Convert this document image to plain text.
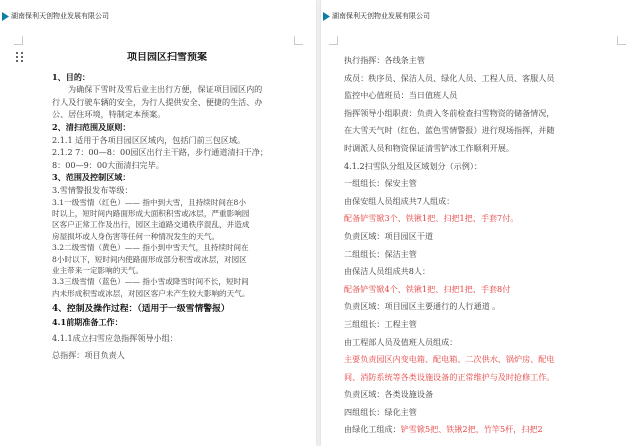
湖南保利天创物业发展有限公司

项目园区扫雪预案

1、目的：

为确保下雪时及雪后业主出行方便，保证项目园区内的

行人及行驶车辆的安全，为行人提供安全、便捷的生活、办

公、居住环境，特制定本预案。

2、清扫范围及原则：

2.1.1 适用于各项目园区区域内，包括门前三包区域。

2.1.2 7：00—8：00园区出行主干路，步行通道清扫干净；

8：00—9：00大面清扫完毕。

3、范围及控制区域：

3.雪情警报发布等级：

3.1一级雪情（红色）—— 指中到大雪，且持续时间在8小

时以上，短时间内路面形成大面积积雪或冰层，严重影响园

区客户正常工作及出行，园区主道路交通秩序混乱，并造成

房屋损坏或人身伤害等任何一种情况发生的天气。

3.2二级雪情（黄色）—— 指小到中雪天气，且持续时间在

8小时以下，短时间内使路面形成部分积雪或冰层，对园区

业主带来一定影响的天气。

3.3三级雪情（蓝色）—— 指小雪或降雪时间不长，短时间

内未形成积雪或冰层，对园区客户未产生较大影响的天气。

4、控制及操作过程：（适用于一级雪情警报）

4.1前期准备工作：

4.1.1成立扫雪应急指挥领导小组：

总指挥：项目负责人

湖南保利天创物业发展有限公司

执行指挥：各线条主管

成员：秩序员、保洁人员、绿化人员、工程人员、客服人员

监控中心值班员：当日值班人员

指挥领导小组职责：负责入冬前检查扫雪物资的储备情况，

在大雪天气时（红色、蓝色雪情警报）进行现场指挥，并随

时调派人员和物资保证清雪铲冰工作顺利开展。

4.1.2扫雪队分组及区域划分（示例）：

一组组长：保安主管

由保安组人员组成共7人组成：

配备铲雪锨3个、铁锹1把、扫把1把、手套7付。

负责区域：项目园区干道

二组组长：保洁主管

由保洁人员组成共8人：

配备铲雪锨4个、铁锹1把、扫把1把、手套8付

负责区域：项目园区主要通行的人行通道 。

三组组长：工程主管

由工程部人员及值班人员组成：

主要负责园区内变电箱、配电箱、二次供水、锅炉房、配电

间、消防系统等各类设施设备的正常维护与及时抢修工作。

负责区域：各类设施设备

四组组长：绿化主管

由绿化工组成：铲雪锨5把、铁锹2把，竹竿5杆，扫把2
